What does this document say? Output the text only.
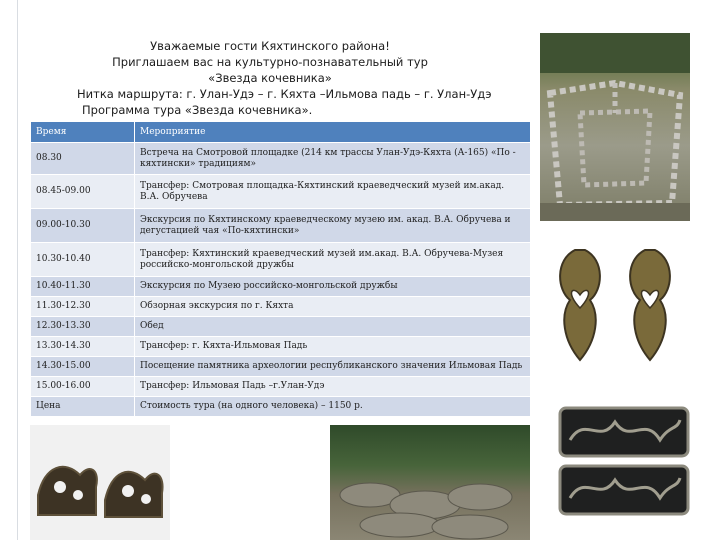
Уважаемые гости Кяхтинского района!
Приглашаем вас на культурно-познавательный тур
«Звезда кочевника»
Нитка маршрута: г. Улан-Удэ – г. Кяхта –Ильмова падь – г. Улан-Удэ
Программа тура «Звезда кочевника».
Время	Мероприятие
08.30	Встреча на Смотровой площадке (214 км трассы Улан-Удэ-Кяхта (А-165) «По - кяхтински» традициям»
08.45-09.00	Трансфер: Смотровая площадка-Кяхтинский краеведческий музей им.акад. В.А. Обручева
09.00-10.30	Экскурсия по Кяхтинскому краеведческому музею им. акад. В.А. Обручева и дегустацией чая «По-кяхтински»
10.30-10.40	Трансфер: Кяхтинский краеведческий музей им.акад. В.А. Обручева-Музея российско-монгольской дружбы
10.40-11.30	Экскурсия по Музею российско-монгольской дружбы
11.30-12.30	Обзорная экскурсия по г. Кяхта
12.30-13.30	Обед
13.30-14.30	Трансфер: г. Кяхта-Ильмовая Падь
14.30-15.00	Посещение памятника археологии республиканского значения Ильмовая Падь
15.00-16.00	Трансфер: Ильмовая Падь –г.Улан-Удэ
Цена	Стоимость тура (на одного человека) – 1150 р.
